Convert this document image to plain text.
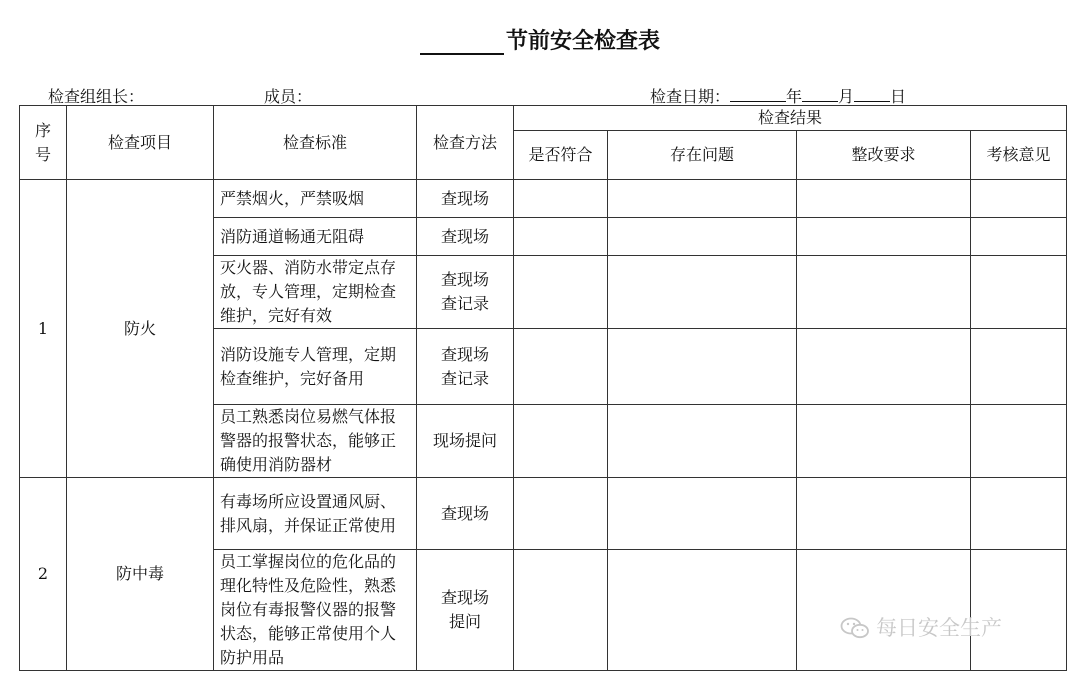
节前安全检查表
检查组组长：	成员：	检查日期：	年 月 日
序号	检查项目	检查标准	检查方法	检查结果			
				是否符合	存在问题	整改要求	考核意见
1	防火	严禁烟火，严禁吸烟	查现场				
		消防通道畅通无阻碍	查现场				
		灭火器、消防水带定点存放，专人管理，定期检查维护，完好有效	查现场查记录				
		消防设施专人管理，定期检查维护，完好备用	查现场查记录				
		员工熟悉岗位易燃气体报警器的报警状态，能够正确使用消防器材	现场提问				
2	防中毒	有毒场所应设置通风厨、排风扇，并保证正常使用	查现场				
		员工掌握岗位的危化品的理化特性及危险性，熟悉岗位有毒报警仪器的报警状态，能够正常使用个人防护用品	查现场提问					每日安全生产
